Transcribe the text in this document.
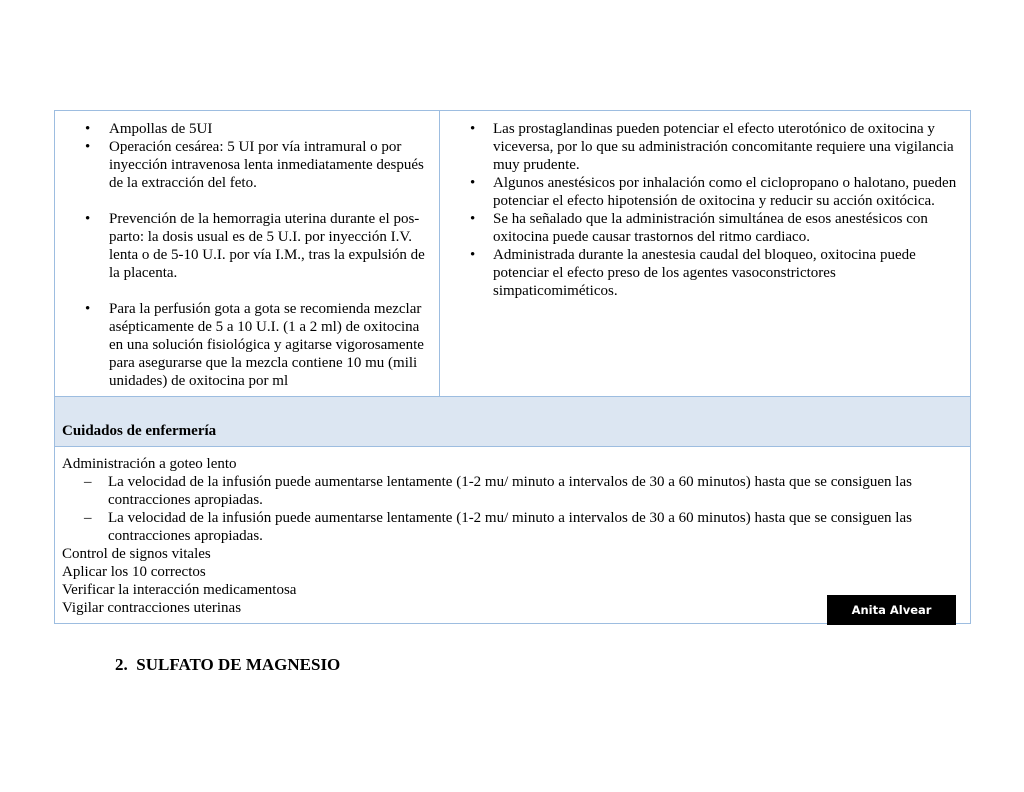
• Ampollas de 5UI
• Operación cesárea: 5 UI por vía intramural o por inyección intravenosa lenta inmediatamente después de la extracción del feto.
• Prevención de la hemorragia uterina durante el pos-parto: la dosis usual es de 5 U.I. por inyección I.V. lenta o de 5-10 U.I. por vía I.M., tras la expulsión de la placenta.
• Para la perfusión gota a gota se recomienda mezclar asépticamente de 5 a 10 U.I. (1 a 2 ml) de oxitocina en una solución fisiológica y agitarse vigorosamente para asegurarse que la mezcla contiene 10 mu (mili unidades) de oxitocina por ml
• Las prostaglandinas pueden potenciar el efecto uterotónico de oxitocina y viceversa, por lo que su administración concomitante requiere una vigilancia muy prudente.
• Algunos anestésicos por inhalación como el ciclopropano o halotano, pueden potenciar el efecto hipotensión de oxitocina y reducir su acción oxitócica.
• Se ha señalado que la administración simultánea de esos anestésicos con oxitocina puede causar trastornos del ritmo cardiaco.
• Administrada durante la anestesia caudal del bloqueo, oxitocina puede potenciar el efecto preso de los agentes vasoconstrictores simpaticomiméticos.
Cuidados de enfermería
Administración a goteo lento
– La velocidad de la infusión puede aumentarse lentamente (1-2 mu/ minuto a intervalos de 30 a 60 minutos) hasta que se consiguen las contracciones apropiadas.
– La velocidad de la infusión puede aumentarse lentamente (1-2 mu/ minuto a intervalos de 30 a 60 minutos) hasta que se consiguen las contracciones apropiadas.
Control de signos vitales
Aplicar los 10 correctos
Verificar la interacción medicamentosa
Vigilar contracciones uterinas	Anita Alvear
2. SULFATO DE MAGNESIO
